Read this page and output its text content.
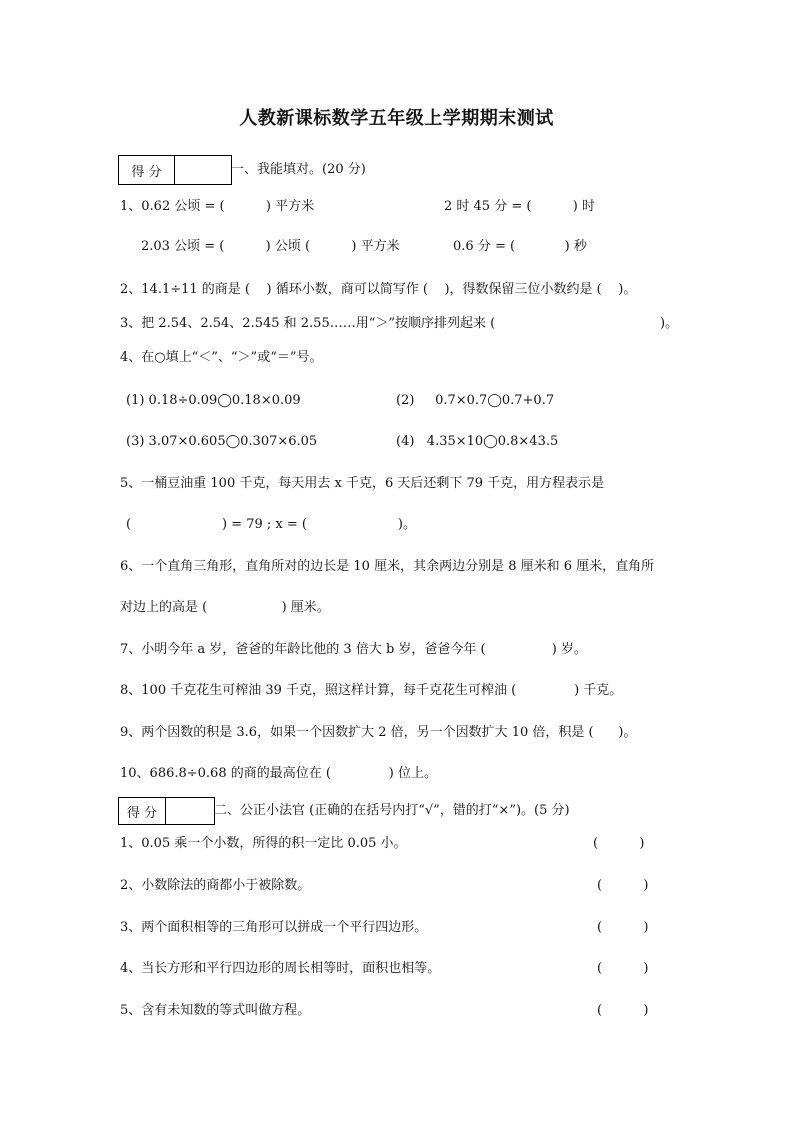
人教新课标数学五年级上学期期末测试
得 分	一、我能填对。(20 分)
1、0.62 公顷 = (          ) 平方米	2 时 45 分 = (          ) 时
2.03 公顷 = (          ) 公顷 (          ) 平方米	0.6 分 = (            ) 秒
2、14.1÷11 的商是 (    ) 循环小数，商可以简写作 (    )，得数保留三位小数约是 (    )。
3、把 2.54、2.54、2.545 和 2.55……用“＞”按顺序排列起来 (	)。
4、在○填上“＜”、“＞”或“＝”号。
(1) 0.18÷0.09◯0.18×0.09	(2)     0.7×0.7◯0.7+0.7
(3) 3.07×0.605◯0.307×6.05	(4)   4.35×10◯0.8×43.5
5、一桶豆油重 100 千克，每天用去 x 千克，6 天后还剩下 79 千克，用方程表示是
(                      ) = 79 ; x = (                      )。
6、一个直角三角形，直角所对的边长是 10 厘米，其余两边分别是 8 厘米和 6 厘米，直角所
对边上的高是 (                  ) 厘米。
7、小明今年 a 岁，爸爸的年龄比他的 3 倍大 b 岁，爸爸今年 (                ) 岁。
8、100 千克花生可榨油 39 千克，照这样计算，每千克花生可榨油 (              ) 千克。
9、两个因数的积是 3.6，如果一个因数扩大 2 倍，另一个因数扩大 10 倍，积是 (      )。
10、686.8÷0.68 的商的最高位在 (              ) 位上。
得 分	二、公正小法官 (正确的在括号内打“√”，错的打“×”)。(5 分)
1、0.05 乘一个小数，所得的积一定比 0.05 小。	(          )
2、小数除法的商都小于被除数。	(          )
3、两个面积相等的三角形可以拼成一个平行四边形。	(          )
4、当长方形和平行四边形的周长相等时，面积也相等。	(          )
5、含有未知数的等式叫做方程。	(          )
